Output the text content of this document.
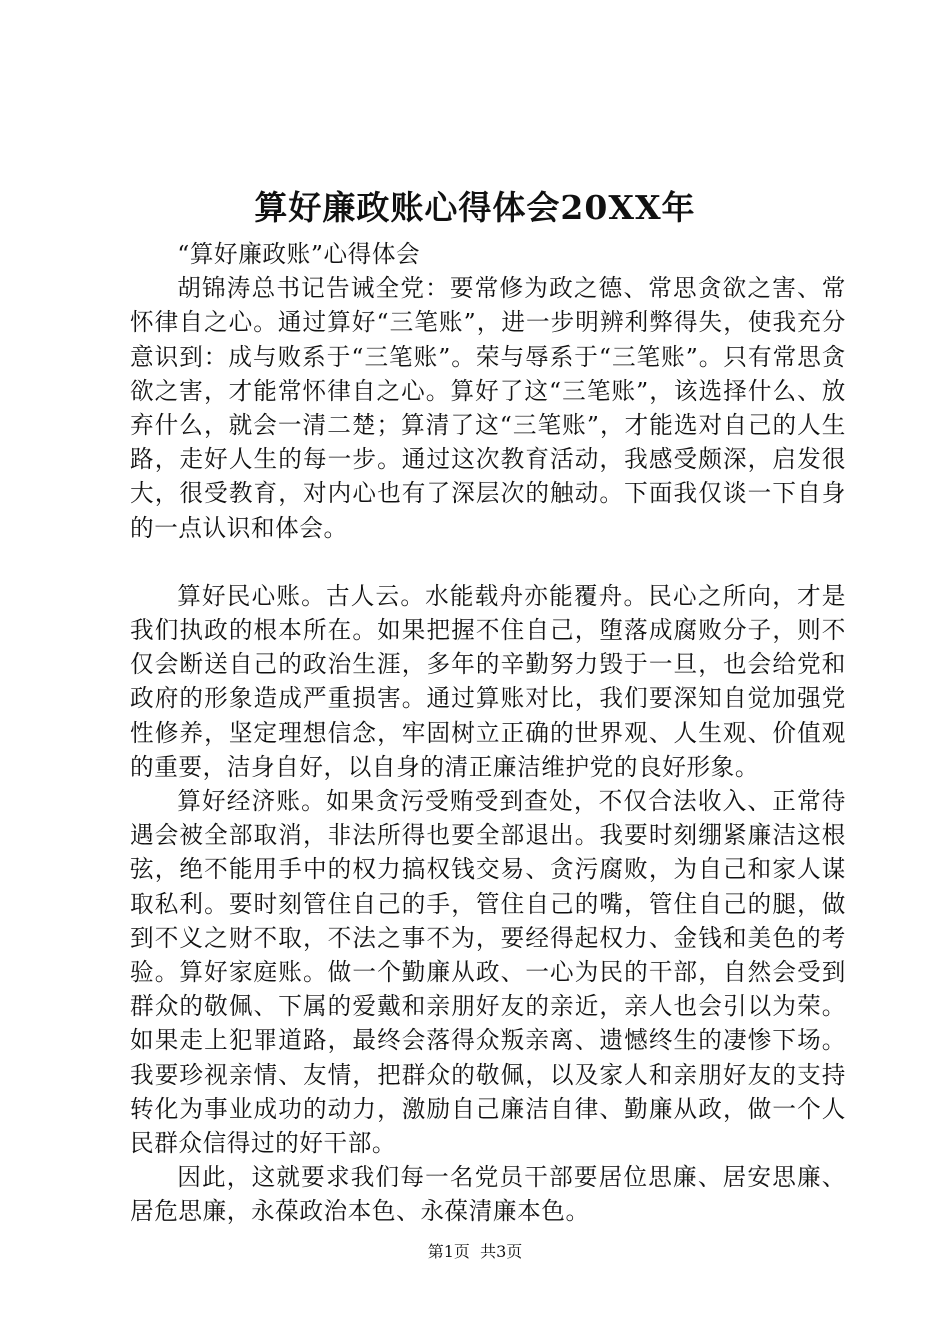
算好廉政账心得体会20XX年

“算好廉政账”心得体会

胡锦涛总书记告诫全党：要常修为政之德、常思贪欲之害、常怀律自之心。通过算好“三笔账”，进一步明辨利弊得失，使我充分意识到：成与败系于“三笔账”。荣与辱系于“三笔账”。只有常思贪欲之害，才能常怀律自之心。算好了这“三笔账”，该选择什么、放弃什么，就会一清二楚；算清了这“三笔账”，才能选对自己的人生路，走好人生的每一步。通过这次教育活动，我感受颇深，启发很大，很受教育，对内心也有了深层次的触动。下面我仅谈一下自身的一点认识和体会。

算好民心账。古人云。水能载舟亦能覆舟。民心之所向，才是我们执政的根本所在。如果把握不住自己，堕落成腐败分子，则不仅会断送自己的政治生涯，多年的辛勤努力毁于一旦，也会给党和政府的形象造成严重损害。通过算账对比，我们要深知自觉加强党性修养，坚定理想信念，牢固树立正确的世界观、人生观、价值观的重要，洁身自好，以自身的清正廉洁维护党的良好形象。

算好经济账。如果贪污受贿受到查处，不仅合法收入、正常待遇会被全部取消，非法所得也要全部退出。我要时刻绷紧廉洁这根弦，绝不能用手中的权力搞权钱交易、贪污腐败，为自己和家人谋取私利。要时刻管住自己的手，管住自己的嘴，管住自己的腿，做到不义之财不取，不法之事不为，要经得起权力、金钱和美色的考验。算好家庭账。做一个勤廉从政、一心为民的干部，自然会受到群众的敬佩、下属的爱戴和亲朋好友的亲近，亲人也会引以为荣。如果走上犯罪道路，最终会落得众叛亲离、遗憾终生的凄惨下场。我要珍视亲情、友情，把群众的敬佩，以及家人和亲朋好友的支持转化为事业成功的动力，激励自己廉洁自律、勤廉从政，做一个人民群众信得过的好干部。

因此，这就要求我们每一名党员干部要居位思廉、居安思廉、居危思廉，永葆政治本色、永葆清廉本色。

第1页 共3页
